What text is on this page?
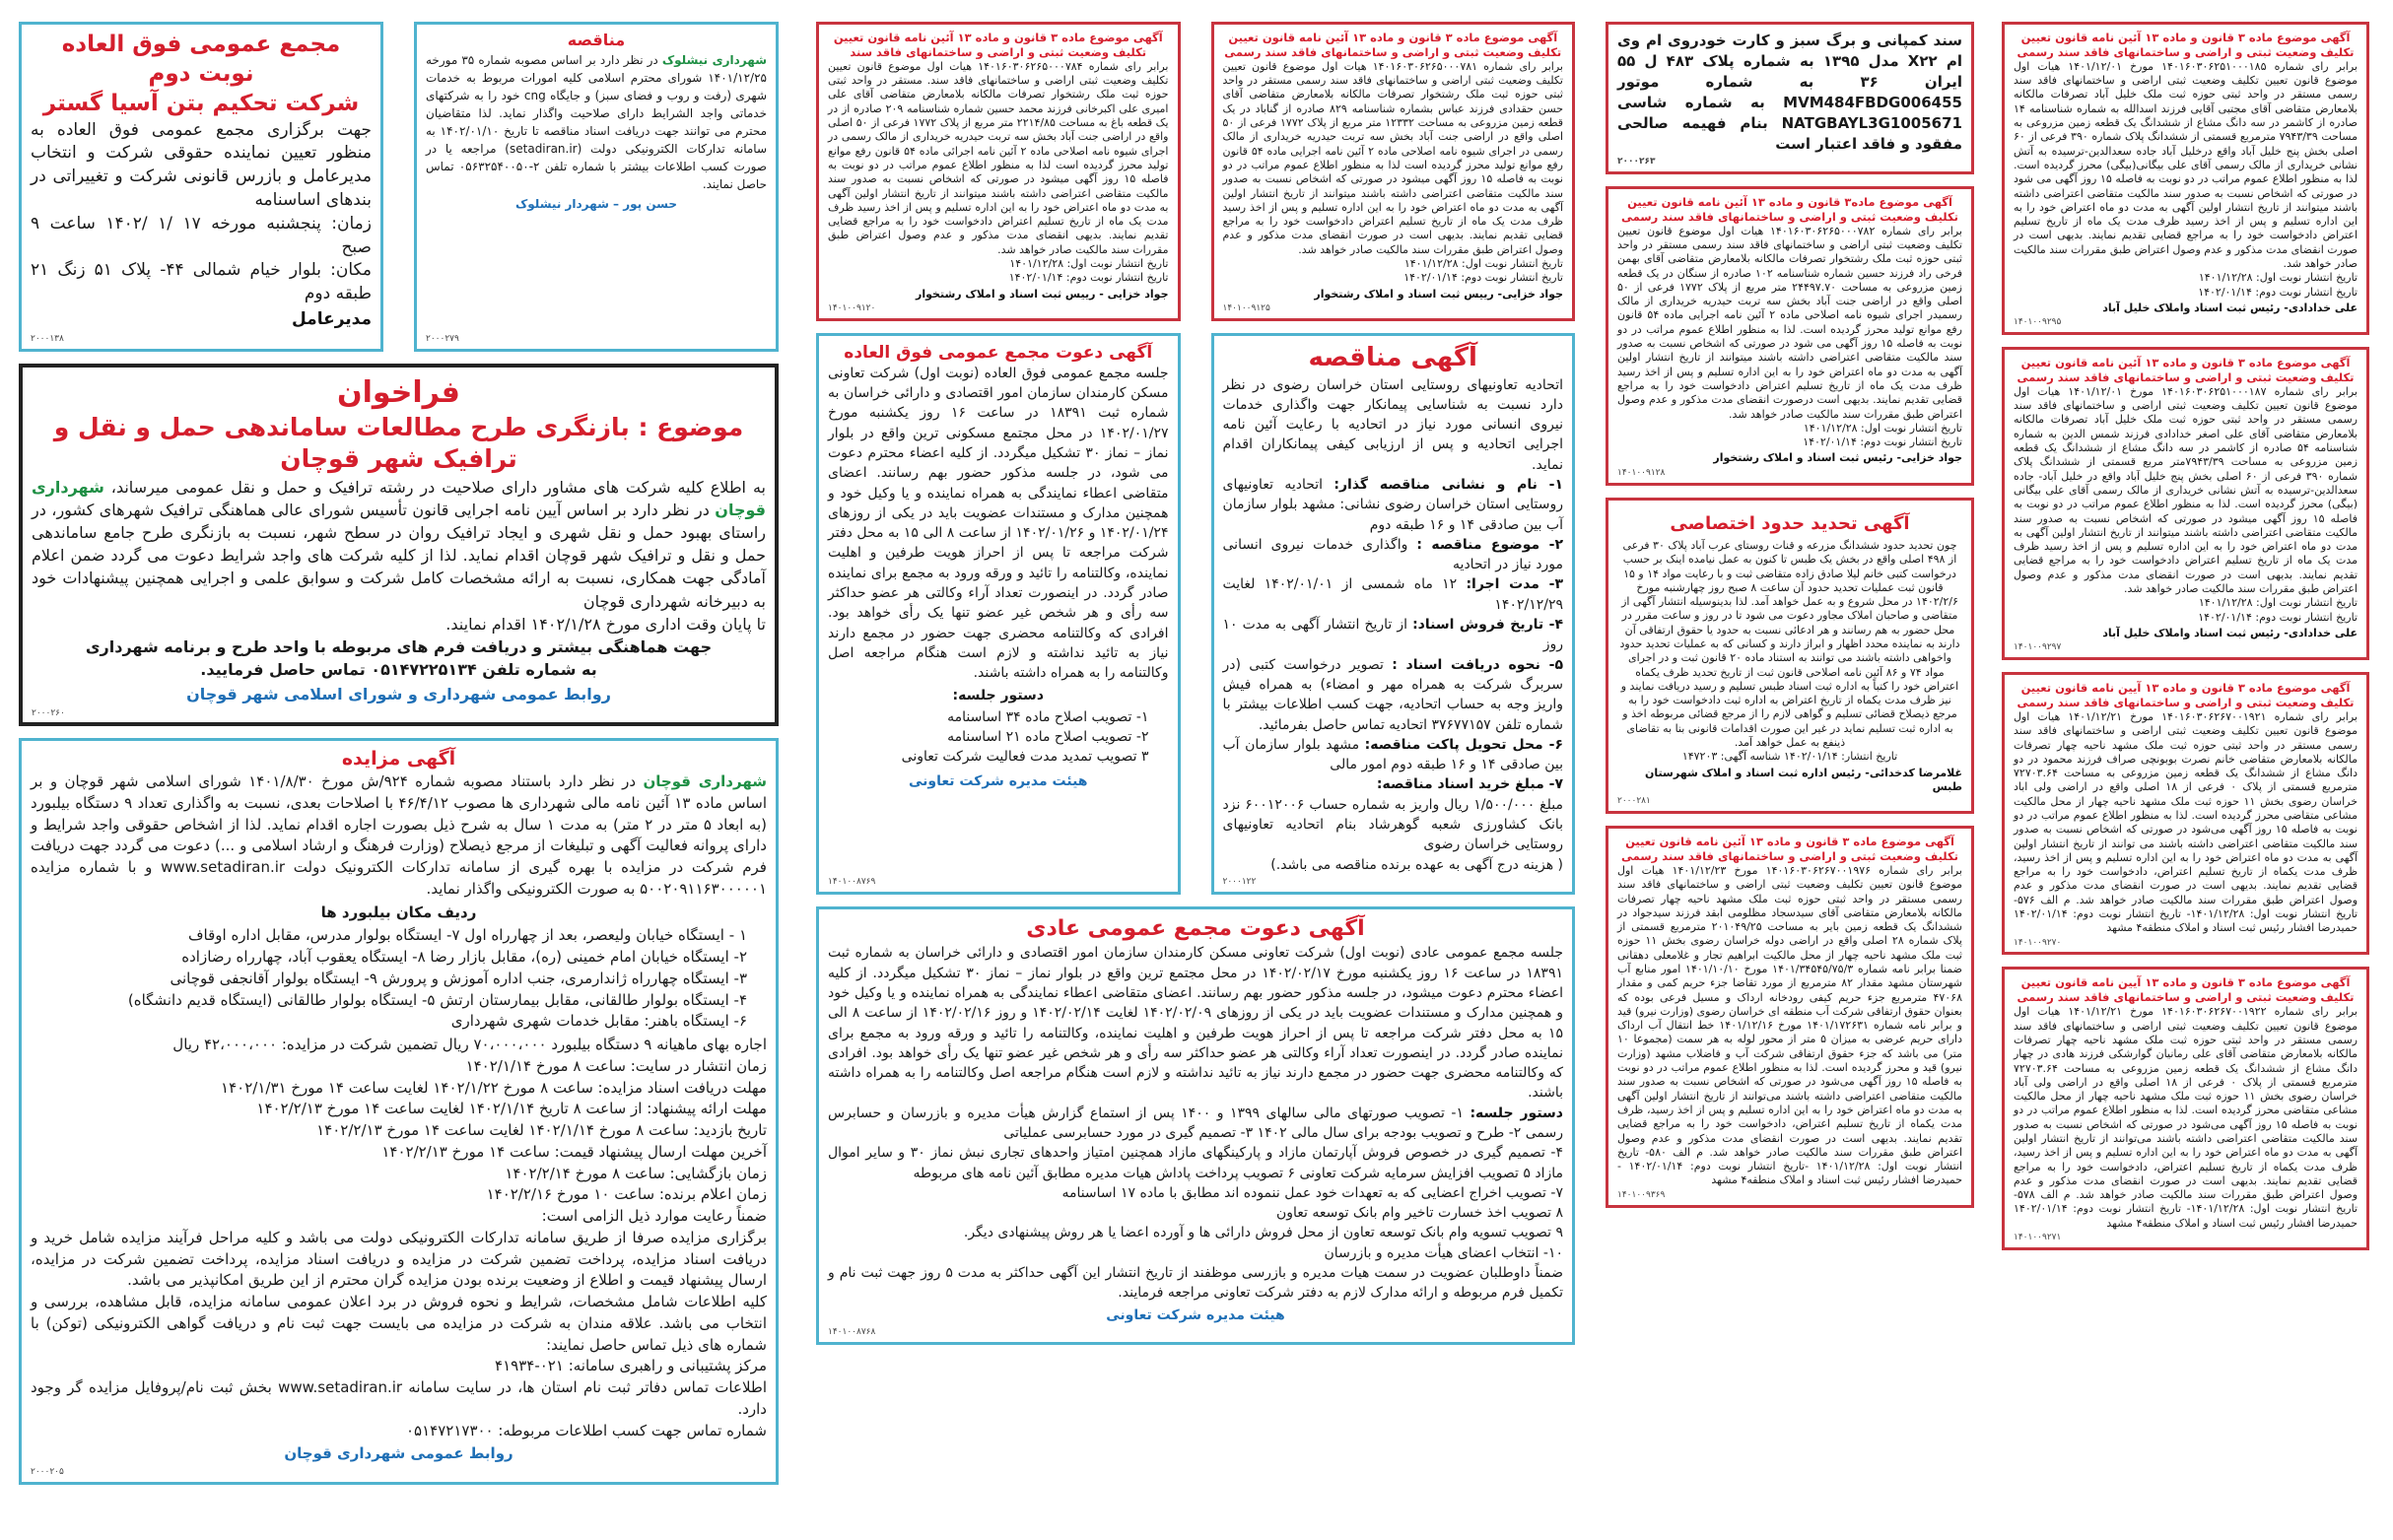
مجمع عمومی فوق العاده نوبت دوم
شرکت تحکیم بتن آسیا گستر
جهت برگزاری مجمع عمومی فوق العاده به منظور تعیین نماینده حقوقی شرکت و انتخاب مدیرعامل و بازرس قانونی شرکت و تغییراتی در بندهای اساسنامه
زمان: پنجشنبه مورخه ۱۷ /۱ /۱۴۰۲ ساعت ۹ صبح
مکان: بلوار خیام شمالی ۴۴- پلاک ۵۱ زنگ ۲۱ طبقه دوم
مدیرعامل
۲۰۰۰۱۳۸
مناقصه
شهرداری نیشلوک در نظر دارد بر اساس مصوبه شماره ۳۵ مورخه ۱۴۰۱/۱۲/۲۵ شورای محترم اسلامی کلیه امورات مربوط به خدمات شهری (رفت و روب و فضای سبز) و جایگاه cng خود را به شرکتهای خدماتی واجد الشرایط دارای صلاحیت واگذار نماید. لذا متقاضیان محترم می توانند جهت دریافت اسناد مناقصه تا تاریخ ۱۴۰۲/۰۱/۱۰ به سامانه تدارکات الکترونیکی دولت (setadiran.ir) مراجعه یا در صورت کسب اطلاعات بیشتر با شماره تلفن ۲-۰۵۶۳۲۵۴۰۰۵۰ تماس حاصل نمایند.
حسن پور – شهردار نیشلوک
۲۰۰۰۲۷۹
فراخوان
موضوع : بازنگری طرح مطالعات ساماندهی حمل و نقل و ترافیک شهر قوچان
به اطلاع کلیه شرکت های مشاور دارای صلاحیت در رشته ترافیک و حمل و نقل عمومی میرساند، شهرداری قوچان در نظر دارد بر اساس آیین نامه اجرایی قانون تأسیس شورای عالی هماهنگی ترافیک شهرهای کشور، در راستای بهبود حمل و نقل شهری و ایجاد ترافیک روان در سطح شهر، نسبت به بازنگری طرح جامع ساماندهی حمل و نقل و ترافیک شهر قوچان اقدام نماید. لذا از کلیه شرکت های واجد شرایط دعوت می گردد ضمن اعلام آمادگی جهت همکاری، نسبت به ارائه مشخصات کامل شرکت و سوابق علمی و اجرایی همچنین پیشنهادات خود به دبیرخانه شهرداری قوچان
تا پایان وقت اداری مورخ ۱۴۰۲/۱/۲۸ اقدام نمایند.
جهت هماهنگی بیشتر و دریافت فرم های مربوطه با واحد طرح و برنامه شهرداری
به شماره تلفن ۰۵۱۴۷۲۲۵۱۳۴ تماس حاصل فرمایید.
روابط عمومی شهرداری و شورای اسلامی شهر قوچان
۲۰۰۰۲۶۰
آگهی مزایده
شهرداری قوچان در نظر دارد باستناد مصوبه شماره ۹۲۴/ش مورخ ۱۴۰۱/۸/۳۰ شورای اسلامی شهر قوچان و بر اساس ماده ۱۳ آئین نامه مالی شهرداری ها مصوب ۴۶/۴/۱۲ با اصلاحات بعدی، نسبت به واگذاری تعداد ۹ دستگاه بیلبورد (به ابعاد ۵ متر در ۲ متر) به مدت ۱ سال به شرح ذیل بصورت اجاره اقدام نماید. لذا از اشخاص حقوقی واجد شرایط و دارای پروانه فعالیت آگهی و تبلیغات از مرجع ذیصلاح (وزارت فرهنگ و ارشاد اسلامی و ...) دعوت می گردد جهت دریافت فرم شرکت در مزایده با بهره گیری از سامانه تدارکات الکترونیک دولت www.setadiran.ir و با شماره مزایده ۵۰۰۲۰۹۱۱۶۳۰۰۰۰۰۱ به صورت الکترونیکی واگذار نماید.
ردیف مکان بیلبورد ها
۱ - ایستگاه خیابان ولیعصر، بعد از چهارراه اول ۷- ایستگاه بولوار مدرس، مقابل اداره اوقاف
۲- ایستگاه خیابان امام خمینی (ره)، مقابل بازار رضا ۸- ایستگاه یعقوب آباد، چهارراه رضازاده
۳- ایستگاه چهارراه ژاندارمری، جنب اداره آموزش و پرورش ۹- ایستگاه بولوار آقانجفی قوچانی
۴- ایستگاه بولوار طالقانی، مقابل بیمارستان ارتش ۵- ایستگاه بولوار طالقانی (ایستگاه قدیم دانشگاه)
۶- ایستگاه باهنر: مقابل خدمات شهری شهرداری
اجاره بهای ماهیانه ۹ دستگاه بیلبورد ۷۰،۰۰۰،۰۰۰ ریال تضمین شرکت در مزایده: ۴۲،۰۰۰،۰۰۰ ریال
زمان انتشار در سایت: ساعت ۸ مورخ ۱۴۰۲/۱/۱۴
مهلت دریافت اسناد مزایده: ساعت ۸ مورخ ۱۴۰۲/۱/۲۲ لغایت ساعت ۱۴ مورخ ۱۴۰۲/۱/۳۱
مهلت ارائه پیشنهاد: از ساعت ۸ تاریخ ۱۴۰۲/۱/۱۴ لغایت ساعت ۱۴ مورخ ۱۴۰۲/۲/۱۳
تاریخ بازدید: ساعت ۸ مورخ ۱۴۰۲/۱/۱۴ لغایت ساعت ۱۴ مورخ ۱۴۰۲/۲/۱۳
آخرین مهلت ارسال پیشنهاد قیمت: ساعت ۱۴ مورخ ۱۴۰۲/۲/۱۳
زمان بازگشایی: ساعت ۸ مورخ ۱۴۰۲/۲/۱۴
زمان اعلام برنده: ساعت ۱۰ مورخ ۱۴۰۲/۲/۱۶
ضمناً رعایت موارد ذیل الزامی است:
برگزاری مزایده صرفا از طریق سامانه تدارکات الکترونیکی دولت می باشد و کلیه مراحل فرآیند مزایده شامل خرید و دریافت اسناد مزایده، پرداخت تضمین شرکت در مزایده و دریافت اسناد مزایده، پرداخت تضمین شرکت در مزایده، ارسال پیشنهاد قیمت و اطلاع از وضعیت برنده بودن مزایده گران محترم از این طریق امکانپذیر می باشد.
کلیه اطلاعات شامل مشخصات، شرایط و نحوه فروش در برد اعلان عمومی سامانه مزایده، قابل مشاهده، بررسی و انتخاب می باشد. علاقه مندان به شرکت در مزایده می بایست جهت ثبت نام و دریافت گواهی الکترونیکی (توکن) با شماره های ذیل تماس حاصل نمایند:
مرکز پشتیبانی و راهبری سامانه: ۰۲۱-۴۱۹۳۴
اطلاعات تماس دفاتر ثبت نام استان ها، در سایت سامانه www.setadiran.ir بخش ثبت نام/پروفایل مزایده گر وجود دارد.
شماره تماس جهت کسب اطلاعات مربوطه: ۰۵۱۴۷۲۱۷۳۰۰
روابط عمومی شهرداری قوچان
۲۰۰۰۲۰۵
آگهی موضوع ماده ۳ قانون و ماده ۱۳ آئین نامه قانون تعیین تکلیف وضعیت ثبتی و اراضی و ساختمانهای فاقد سند
برابر رای شماره ۱۴۰۱۶۰۳۰۶۲۶۵۰۰۰۷۸۴ هیات اول موضوع قانون تعیین تکلیف وضعیت ثبتی اراضی و ساختمانهای فاقد سند. مستقر در واحد ثبتی حوزه ثبت ملک رشتخوار تصرفات مالکانه بلامعارض متقاضی آقای علی امیری علی اکبرخانی فرزند محمد حسین شماره شناسنامه ۲۰۹ صادره از در یک قطعه باغ به مساحت ۲۲۱۴/۸۵ متر مربع از پلاک ۱۷۷۲ فرعی از ۵۰ اصلی واقع در اراضی جنت آباد بخش سه تربت حیدریه خریداری از مالک رسمی در اجرای شیوه نامه اصلاحی ماده ۲ آئین نامه اجرائی ماده ۵۴ قانون رفع موانع تولید محرز گردیده است لذا به منظور اطلاع عموم مراتب در دو نوبت به فاصله ۱۵ روز آگهی میشود در صورتی که اشخاص نسبت به صدور سند مالکیت متقاضی اعتراضی داشته باشند میتوانند از تاریخ انتشار اولین آگهی به مدت دو ماه اعتراض خود را به این اداره تسلیم و پس از اخذ رسید ظرف مدت یک ماه از تاریخ تسلیم اعتراض دادخواست خود را به مراجع قضایی تقدیم نمایند. بدیهی انقضای مدت مذکور و عدم وصول اعتراض طبق مقررات سند مالکیت صادر خواهد شد.
تاریخ انتشار نوبت اول: ۱۴۰۱/۱۲/۲۸
تاریخ انتشار نوبت دوم: ۱۴۰۲/۰۱/۱۴
جواد خزایی - رییس ثبت اسناد و املاک رشتخوار
۱۴۰۱۰۰۹۱۲۰
آگهی موضوع ماده ۳ قانون و ماده ۱۳ آئین نامه قانون تعیین تکلیف وضعیت ثبتی و اراضی و ساختمانهای فاقد سند رسمی
برابر رای شماره ۱۴۰۱۶۰۳۰۶۲۶۵۰۰۰۷۸۱ هیات اول موضوع قانون تعیین تکلیف وضعیت ثبتی اراضی و ساختمانهای فاقد سند رسمی مستقر در واحد ثبتی حوزه ثبت ملک رشتخوار تصرفات مالکانه بلامعارض متقاضی آقای حسن حقدادی فرزند عباس بشماره شناسنامه ۸۲۹ صادره از گناباد در یک قطعه زمین مزروعی به مساحت ۱۲۳۳۲ متر مربع از پلاک ۱۷۷۲ فرعی از ۵۰ اصلی واقع در اراضی جنت آباد بخش سه تربت حیدریه خریداری از مالک رسمی در اجرای شیوه نامه اصلاحی ماده ۲ آئین نامه اجرایی ماده ۵۴ قانون رفع موانع تولید محرز گردیده است لذا به منظور اطلاع عموم مراتب در دو نوبت به فاصله ۱۵ روز آگهی میشود در صورتی که اشخاص نسبت به صدور سند مالکیت متقاضی اعتراضی داشته باشند میتوانند از تاریخ انتشار اولین آگهی به مدت دو ماه اعتراض خود را به این اداره تسلیم و پس از اخذ رسید ظرف مدت یک ماه از تاریخ تسلیم اعتراض دادخواست خود را به مراجع قضایی تقدیم نمایند. بدیهی است در صورت انقضای مدت مذکور و عدم وصول اعتراض طبق مقررات سند مالکیت صادر خواهد شد.
تاریخ انتشار نوبت اول: ۱۴۰۱/۱۲/۲۸
تاریخ انتشار نوبت دوم: ۱۴۰۲/۰۱/۱۴
جواد خزایی- رییس ثبت اسناد و املاک رشتخوار
۱۴۰۱۰۰۹۱۲۵
آگهی دعوت مجمع عمومی فوق العاده
جلسه مجمع عمومی فوق العاده (نوبت اول) شرکت تعاونی مسکن کارمندان سازمان امور اقتصادی و دارائی خراسان به شماره ثبت ۱۸۳۹۱ در ساعت ۱۶ روز یکشنبه مورخ ۱۴۰۲/۰۱/۲۷ در محل مجتمع مسکونی ترین واقع در بلوار نماز – نماز ۳۰ تشکیل میگردد. از کلیه اعضاء محترم دعوت می شود، در جلسه مذکور حضور بهم رسانند. اعضای متقاضی اعطاء نمایندگی به همراه نماینده و یا وکیل خود و همچنین مدارک و مستندات عضویت باید در یکی از روزهای ۱۴۰۲/۰۱/۲۴ و ۱۴۰۲/۰۱/۲۶ از ساعت ۸ الی ۱۵ به محل دفتر شرکت مراجعه تا پس از احراز هویت طرفین و اهلیت نماینده، وکالتنامه را تائید و ورقه ورود به مجمع برای نماینده صادر گردد. در اینصورت تعداد آراء وکالتی هر عضو حداکثر سه رأی و هر شخص غیر عضو تنها یک رأی خواهد بود. افرادی که وکالتنامه محضری جهت حضور در مجمع دارند نیاز به تائید نداشته و لازم است هنگام مراجعه اصل وکالتنامه را به همراه داشته باشند.
دستور جلسه:
۱- تصویب اصلاح ماده ۳۴ اساسنامه
۲- تصویب اصلاح ماده ۲۱ اساسنامه
۳ تصویب تمدید مدت فعالیت شرکت تعاونی
هیئت مدیره شرکت تعاونی
۱۴۰۱۰۰۸۷۶۹
آگهی مناقصه
اتحادیه تعاونیهای روستایی استان خراسان رضوی در نظر دارد نسبت به شناسایی پیمانکار جهت واگذاری خدمات نیروی انسانی مورد نیاز در اتحادیه با رعایت آئین نامه اجرایی اتحادیه و پس از ارزیابی کیفی پیمانکاران اقدام نماید.
۱- نام و نشانی مناقصه گذار: اتحادیه تعاونیهای روستایی استان خراسان رضوی نشانی: مشهد بلوار سازمان آب بین صادقی ۱۴ و ۱۶ طبقه دوم
۲- موضوع مناقصه : واگذاری خدمات نیروی انسانی مورد نیاز در اتحادیه
۳- مدت اجرا: ۱۲ ماه شمسی از ۱۴۰۲/۰۱/۰۱ لغایت ۱۴۰۲/۱۲/۲۹
۴- تاریخ فروش اسناد: از تاریخ انتشار آگهی به مدت ۱۰ روز
۵- نحوه دریافت اسناد : تصویر درخواست کتبی (در سربرگ شرکت به همراه مهر و امضاء) به همراه فیش واریز وجه به حساب اتحادیه، جهت کسب اطلاعات بیشتر با شماره تلفن ۳۷۶۷۷۱۵۷ اتحادیه تماس حاصل بفرمائید.
۶- محل تحویل پاکت مناقصه: مشهد بلوار سازمان آب بین صادقی ۱۴ و ۱۶ طبقه دوم امور مالی
۷- مبلغ خرید اسناد مناقصه:
مبلغ ۱/۵۰۰/۰۰۰ ریال واریز به شماره حساب ۶۰۰۱۲۰۰۶ نزد بانک کشاورزی شعبه گوهرشاد بنام اتحادیه تعاونیهای روستایی خراسان رضوی
( هزینه درج آگهی به عهده برنده مناقصه می باشد.)
۲۰۰۰۱۲۲
آگهی دعوت مجمع عمومی عادی
جلسه مجمع عمومی عادی (نوبت اول) شرکت تعاونی مسکن کارمندان سازمان امور اقتصادی و دارائی خراسان به شماره ثبت ۱۸۳۹۱ در ساعت ۱۶ روز یکشنبه مورخ ۱۴۰۲/۰۲/۱۷ در محل مجتمع ترین واقع در بلوار نماز – نماز ۳۰ تشکیل میگردد. از کلیه اعضاء محترم دعوت میشود، در جلسه مذکور حضور بهم رسانند. اعضای متقاضی اعطاء نمایندگی به همراه نماینده و یا وکیل خود و همچنین مدارک و مستندات عضویت باید در یکی از روزهای ۱۴۰۲/۰۲/۰۹ لغایت ۱۴۰۲/۰۲/۱۴ و روز ۱۴۰۲/۰۲/۱۶ از ساعت ۸ الی ۱۵ به محل دفتر شرکت مراجعه تا پس از احراز هویت طرفین و اهلیت نماینده، وکالتنامه را تائید و ورقه ورود به مجمع برای نماینده صادر گردد. در اینصورت تعداد آراء وکالتی هر عضو حداکثر سه رأی و هر شخص غیر عضو تنها یک رأی خواهد بود. افرادی که وکالتنامه محضری جهت حضور در مجمع دارند نیاز به تائید نداشته و لازم است هنگام مراجعه اصل وکالتنامه را به همراه داشته باشند.
دستور جلسه: ۱- تصویب صورتهای مالی سالهای ۱۳۹۹ و ۱۴۰۰ پس از استماع گزارش هیأت مدیره و بازرسان و حسابرس رسمی ۲- طرح و تصویب بودجه برای سال مالی ۱۴۰۲ ۳- تصمیم گیری در مورد حسابرسی عملیاتی
۴- تصمیم گیری در خصوص فروش آپارتمان مازاد و پارکینگهای مازاد همچنین امتیاز واحدهای تجاری نبش نماز ۳۰ و سایر اموال مازاد ۵ تصویب افزایش سرمایه شرکت تعاونی ۶ تصویب پرداخت پاداش هیات مدیره مطابق آئین نامه های مربوطه
۷- تصویب اخراج اعضایی که به تعهدات خود عمل ننموده اند مطابق با ماده ۱۷ اساسنامه
۸ تصویب اخذ خسارت تاخیر وام بانک توسعه تعاون
۹ تصویب تسویه وام بانک توسعه تعاون از محل فروش دارائی ها و آورده اعضا یا هر روش پیشنهادی دیگر.
۱۰- انتخاب اعضای هیأت مدیره و بازرسان
ضمناً داوطلبان عضویت در سمت هیات مدیره و بازرسی موظفند از تاریخ انتشار این آگهی حداکثر به مدت ۵ روز جهت ثبت نام و تکمیل فرم مربوطه و ارائه مدارک لازم به دفتر شرکت تعاونی مراجعه فرمایند.
هیئت مدیره شرکت تعاونی
۱۴۰۱۰۰۸۷۶۸
سند کمپانی و برگ سبز و کارت خودروی ام وی ام X۲۲ مدل ۱۳۹۵ به شماره پلاک ۴۸۳ ل ۵۵ ایران ۳۶ به شماره موتور MVM484FBDG006455 به شماره شاسی NATGBAYL3G1005671 بنام فهیمه صالحی مفقود و فاقد اعتبار است
۲۰۰۰۲۶۳
آگهی موضوع ماده۳ قانون و ماده ۱۳ آئین نامه قانون تعیین تکلیف وضعیت ثبتی و اراضی و ساختمانهای فاقد سند رسمی
برابر رای شماره ۱۴۰۱۶۰۳۰۶۲۶۵۰۰۰۷۸۲ هیات اول موضوع قانون تعیین تکلیف وضعیت ثبتی اراضی و ساختمانهای فاقد سند رسمی مستقر در واحد ثبتی حوزه ثبت ملک رشتخوار تصرفات مالکانه بلامعارض متقاضی آقای بهمن فرخی راد فرزند حسین شماره شناسنامه ۱۰۲ صادره از سنگان در یک قطعه زمین مزروعی به مساحت ۲۴۴۹۷.۷۰ متر مربع از پلاک ۱۷۷۲ فرعی از ۵۰ اصلی واقع در اراضی جنت آباد بخش سه تربت حیدریه خریداری از مالک رسمیدر اجرای شیوه نامه اصلاحی ماده ۲ آئین نامه اجرایی ماده ۵۴ قانون رفع موانع تولید محرز گردیده است. لذا به منظور اطلاع عموم مراتب در دو نوبت به فاصله ۱۵ روز آگهی می شود در صورتی که اشخاص نسبت به صدور سند مالکیت متقاضی اعتراضی داشته باشند میتوانند از تاریخ انتشار اولین آگهی به مدت دو ماه اعتراض خود را به این اداره تسلیم و پس از اخذ رسید ظرف مدت یک ماه از تاریخ تسلیم اعتراض دادخواست خود را به مراجع قضایی تقدیم نمایند. بدیهی است درصورت انقضای مدت مذکور و عدم وصول اعتراض طبق مقررات سند مالکیت صادر خواهد شد.
تاریخ انتشار نوبت اول: ۱۴۰۱/۱۲/۲۸
تاریخ انتشار نوبت دوم: ۱۴۰۲/۰۱/۱۴
جواد خزایی- رئیس ثبت اسناد و املاک رشتخوار
۱۴۰۱۰۰۹۱۲۸
آگهی تحدید حدود اختصاصی
چون تحدید حدود ششدانگ مزرعه و قنات روستای عرب آباد پلاک ۳۰ فرعی از ۴۹۸ اصلی واقع در بخش یک طبس تا کنون به عمل نیامده اینک بر حسب درخواست کتبی خانم لیلا صادق زاده متقاضی ثبت و با رعایت مواد ۱۴ و ۱۵ قانون ثبت عملیات تحدید حدود آن ساعت ۸ صبح روز چهارشنبه مورخ ۱۴۰۲/۲/۶ در محل شروع و به عمل خواهد آمد. لذا بدینوسیله انتشار آگهی از متقاضی و صاحبان املاک مجاور دعوت می شود تا در روز و ساعت مقرر در محل حضور به هم رسانند و هر ادعائی نسبت به حدود یا حقوق ارتفاقی آن دارند به نماینده محدد اظهار و ابراز دارند و کسانی که به عملیات تحدید حدود واخواهی داشته باشند می توانند به استناد ماده ۲۰ قانون ثبت و در اجرای مواد ۷۴ و ۸۶ آئین نامه اصلاحی قانون ثبت از تاریخ تحدید ظرف یکماه اعتراض خود را کتباً به اداره ثبت اسناد طبس تسلیم و رسید دریافت نمایند و نیز ظرف مدت یکماه از تاریخ اعتراض به اداره ثبت دادخواست خود را به مرجع ذیصلاح قضائی تسلیم و گواهی لازم را از مرجع قضائی مربوطه اخذ و به اداره ثبت تسلیم نماید در غیر این صورت اقدامات قانونی بنا به تقاضای ذینفع به عمل خواهد آمد.
تاریخ انتشار: ۱۴۰۲/۰۱/۱۴ شناسه آگهی: ۱۴۷۲۰۳
غلامرضا کدخدائی- رئیس اداره ثبت اسناد و املاک شهرستان طبس
۲۰۰۰۲۸۱
آگهی موضوع ماده ۳ قانون و ماده ۱۳ آئین نامه قانون تعیین تکلیف وضعیت ثبتی و اراضی و ساختمانهای فاقد سند رسمی
برابر رای شماره ۱۴۰۱۶۰۳۰۶۲۶۷۰۰۱۹۷۶ مورخ ۱۴۰۱/۱۲/۲۳ هیات اول موضوع قانون تعیین تکلیف وضعیت ثبتی اراضی و ساختمانهای فاقد سند رسمی مستقر در واحد ثبتی حوزه ثبت ملک مشهد ناحیه چهار تصرفات مالکانه بلامعارض متقاضی آقای سیدسجاد مظلومی ابقد فرزند سیدجواد در ششدانگ یک قطعه زمین بایر به مساحت ۲۰۱۰۴۹/۲۵ مترمربع قسمتی از پلاک شماره ۲۸ اصلی واقع در اراضی دوله خراسان رضوی بخش ۱۱ حوزه ثبت ملک مشهد ناحیه چهار از محل مالکیت ابراهیم تجار و غلامعلی دهقانی ضمنا برابر نامه شماره ۱۴۰۱/۳۴۵۴۵/۷۵/۳ مورخ ۱۴۰۱/۱۰/۱۰ امور منابع آب شهرستان مشهد مقدار ۸۲ مترمربع از مورد تقاضا جزء حریم کمی و مقدار ۴۷۰۶۸ مترمربع جزء حریم کیفی رودخانه ارداک و مسیل فرعی بوده که بعنوان حقوق ارتفاقی شرکت آب منطقه ای خراسان رضوی (وزارت نیرو) قید و برابر نامه شماره ۱۴۰۱/۱۷۲۶۳۱ مورخ ۱۴۰۱/۱۲/۱۶ خط انتقال آب ارداک دارای حریم عرضی به میزان ۵ متر از محور لوله به هر سمت (مجموعا ۱۰ متر) می باشد که جزء حقوق ارتفاقی شرکت آب و فاضلاب مشهد (وزارت نیرو) قید و محرز گردیده است. لذا به منظور اطلاع عموم مراتب در دو نوبت به فاصله ۱۵ روز آگهی می‌شود در صورتی که اشخاص نسبت به صدور سند مالکیت متقاضی اعتراضی داشته باشند می‌توانند از تاریخ انتشار اولین آگهی به مدت دو ماه اعتراض خود را به این اداره تسلیم و پس از اخذ رسید، ظرف مدت یکماه از تاریخ تسلیم اعتراض، دادخواست خود را به مراجع قضایی تقدیم نمایند. بدیهی است در صورت انقضای مدت مذکور و عدم وصول اعتراض طبق مقررات سند مالکیت صادر خواهد شد. م الف ۵۸۰- تاریخ انتشار نوبت اول: ۱۴۰۱/۱۲/۲۸ -تاریخ انتشار نوبت دوم: ۱۴۰۲/۰۱/۱۴ - حمیدرضا افشار رئیس ثبت اسناد و املاک منطقه۴ مشهد
۱۴۰۱۰۰۹۳۶۹
آگهی موضوع ماده ۳ قانون و ماده ۱۳ آئین نامه قانون تعیین تکلیف وضعیت ثبتی و اراضی و ساختمانهای فاقد سند رسمی
برابر رای شماره ۱۴۰۱۶۰۳۰۶۲۵۱۰۰۰۱۸۵ مورخ ۱۴۰۱/۱۲/۰۱ هیات اول موضوع قانون تعیین تکلیف وضعیت ثبتی اراضی و ساختمانهای فاقد سند رسمی مستقر در واحد ثبتی حوزه ثبت ملک خلیل آباد تصرفات مالکانه بلامعارض متقاضی آقای مجتبی آقایی فرزند اسدالله به شماره شناسنامه ۱۴ صادره از کاشمر در سه دانگ مشاع از ششدانگ یک قطعه زمین مزروعی به مساحت ۷۹۴۳/۳۹ مترمربع قسمتی از ششدانگ پلاک شماره ۳۹۰ فرعی از ۶۰ اصلی بخش پنج خلیل آباد واقع درخلیل آباد جاده سعدالدین-ترسیده به آتش نشانی خریداری از مالک رسمی آقای علی بیگانی(بیگی) محرز گردیده است. لذا به منظور اطلاع عموم مراتب در دو نوبت به فاصله ۱۵ روز آگهی می شود در صورتی که اشخاص نسبت به صدور سند مالکیت متقاضی اعتراضی داشته باشند میتوانند از تاریخ انتشار اولین آگهی به مدت دو ماه اعتراض خود را به این اداره تسلیم و پس از اخذ رسید ظرف مدت یک ماه از تاریخ تسلیم اعتراض دادخواست خود را به مراجع قضایی تقدیم نمایند. بدیهی است در صورت انقضای مدت مذکور و عدم وصول اعتراض طبق مقررات سند مالکیت صادر خواهد شد.
تاریخ انتشار نوبت اول: ۱۴۰۱/۱۲/۲۸
تاریخ انتشار نوبت دوم: ۱۴۰۲/۰۱/۱۴
علی خدادادی- رئیس ثبت اسناد واملاک خلیل آباد
۱۴۰۱۰۰۹۲۹۵
آگهی موضوع ماده ۳ قانون و ماده ۱۳ آئین نامه قانون تعیین تکلیف وضعیت ثبتی و اراضی و ساختمانهای فاقد سند رسمی
برابر رای شماره ۱۴۰۱۶۰۳۰۶۲۵۱۰۰۰۱۸۷ مورخ ۱۴۰۱/۱۲/۰۱ هیات اول موضوع قانون تعیین تکلیف وضعیت ثبتی اراضی و ساختمانهای فاقد سند رسمی مستقر در واحد ثبتی حوزه ثبت ملک خلیل آباد تصرفات مالکانه بلامعارض متقاضی آقای علی اصغر خدادادی فرزند شمس الدین به شماره شناسنامه ۵۴ صادره از کاشمر در سه دانگ مشاع از ششدانگ یک قطعه زمین مزروعی به مساحت ۷۹۴۳/۳۹متر مربع قسمتی از ششدانگ پلاک شماره ۳۹۰ فرعی از ۶۰ اصلی بخش پنج خلیل آباد واقع در خلیل آباد- جاده سعدالدین-ترسیده به آتش نشانی خریداری از مالک رسمی آقای علی بیگانی (بیگی) محرز گردیده است. لذا به منظور اطلاع عموم مراتب در دو نوبت به فاصله ۱۵ روز آگهی میشود در صورتی که اشخاص نسبت به صدور سند مالکیت متقاضی اعتراضی داشته باشند میتوانند از تاریخ انتشار اولین آگهی به مدت دو ماه اعتراض خود را به این اداره تسلیم و پس از اخذ رسید ظرف مدت یک ماه از تاریخ تسلیم اعتراض دادخواست خود را به مراجع قضایی تقدیم نمایند. بدیهی است در صورت انقضای مدت مذکور و عدم وصول اعتراض طبق مقررات سند مالکیت صادر خواهد شد.
تاریخ انتشار نوبت اول: ۱۴۰۱/۱۲/۲۸
تاریخ انتشار نوبت دوم: ۱۴۰۲/۰۱/۱۴
علی خدادادی- رئیس ثبت اسناد واملاک خلیل آباد
۱۴۰۱۰۰۹۲۹۷
آگهی موضوع ماده ۳ قانون و ماده ۱۳ آیین نامه قانون تعیین تکلیف وضعیت ثبتی و اراضی و ساختمانهای فاقد سند رسمی
برابر رای شماره ۱۴۰۱۶۰۳۰۶۲۶۷۰۰۱۹۲۱ مورخ ۱۴۰۱/۱۲/۲۱ هیات اول موضوع قانون تعیین تکلیف وضعیت ثبتی اراضی و ساختمانهای فاقد سند رسمی مستقر در واحد ثبتی حوزه ثبت ملک مشهد ناحیه چهار تصرفات مالکانه بلامعارض متقاضی خانم نصرت بوبونچی صراف فرزند محمود در دو دانگ مشاع از ششدانگ یک قطعه زمین مزروعی به مساحت ۷۲۷۰۳.۶۴ مترمربع قسمتی از پلاک ۰ فرعی از ۱۸ اصلی واقع در اراضی ولی اباد خراسان رضوی بخش ۱۱ حوزه ثبت ملک مشهد ناحیه چهار از محل مالکیت مشاعی متقاضی محرز گردیده است. لذا به منظور اطلاع عموم مراتب در دو نوبت به فاصله ۱۵ روز آگهی می‌شود در صورتی که اشخاص نسبت به صدور سند مالکیت متقاضی اعتراضی داشته باشند می توانند از تاریخ انتشار اولین آگهی به مدت دو ماه اعتراض خود را به این اداره تسلیم و پس از اخذ رسید، ظرف مدت یکماه از تاریخ تسلیم اعتراض، دادخواست خود را به مراجع قضایی تقدیم نمایند. بدیهی است در صورت انقضای مدت مذکور و عدم وصول اعتراض طبق مقررات سند مالکیت صادر خواهد شد. م الف ۵۷۶- تاریخ انتشار نوبت اول: ۱۴۰۱/۱۲/۲۸- تاریخ انتشار نوبت دوم: ۱۴۰۲/۰۱/۱۴ حمیدرضا افشار رئیس ثبت اسناد و املاک منطقه۴ مشهد
۱۴۰۱۰۰۹۲۷۰
آگهی موضوع ماده ۳ قانون و ماده ۱۳ آیین نامه قانون تعیین تکلیف وضعیت ثبتی و اراضی و ساختمانهای فاقد سند رسمی
برابر رای شماره ۱۴۰۱۶۰۳۰۶۲۶۷۰۰۱۹۲۲ مورخ ۱۴۰۱/۱۲/۲۱ هیات اول موضوع قانون تعیین تکلیف وضعیت ثبتی اراضی و ساختمانهای فاقد سند رسمی مستقر در واحد ثبتی حوزه ثبت ملک مشهد ناحیه چهار تصرفات مالکانه بلامعارض متقاضی آقای علی رمانیان گوارشکی فرزند هادی در چهار دانگ مشاع از ششدانگ یک قطعه زمین مزروعی به مساحت ۷۲۷۰۳.۶۴ مترمربع قسمتی از پلاک ۰ فرعی از ۱۸ اصلی واقع در اراضی ولی آباد خراسان رضوی بخش ۱۱ حوزه ثبت ملک مشهد ناحیه چهار از محل مالکیت مشاعی متقاضی محرز گردیده است. لذا به منظور اطلاع عموم مراتب در دو نوبت به فاصله ۱۵ روز آگهی می‌شود در صورتی که اشخاص نسبت به صدور سند مالکیت متقاضی اعتراضی داشته باشند می‌توانند از تاریخ انتشار اولین آگهی به مدت دو ماه اعتراض خود را به این اداره تسلیم و پس از اخذ رسید، ظرف مدت یکماه از تاریخ تسلیم اعتراض، دادخواست خود را به مراجع قضایی تقدیم نمایند. بدیهی است در صورت انقضای مدت مذکور و عدم وصول اعتراض طبق مقررات سند مالکیت صادر خواهد شد. م الف ۵۷۸- تاریخ انتشار نوبت اول: ۱۴۰۱/۱۲/۲۸- تاریخ انتشار نوبت دوم: ۱۴۰۲/۰۱/۱۴ حمیدرضا افشار رئیس ثبت اسناد و املاک منطقه۴ مشهد
۱۴۰۱۰۰۹۲۷۱
